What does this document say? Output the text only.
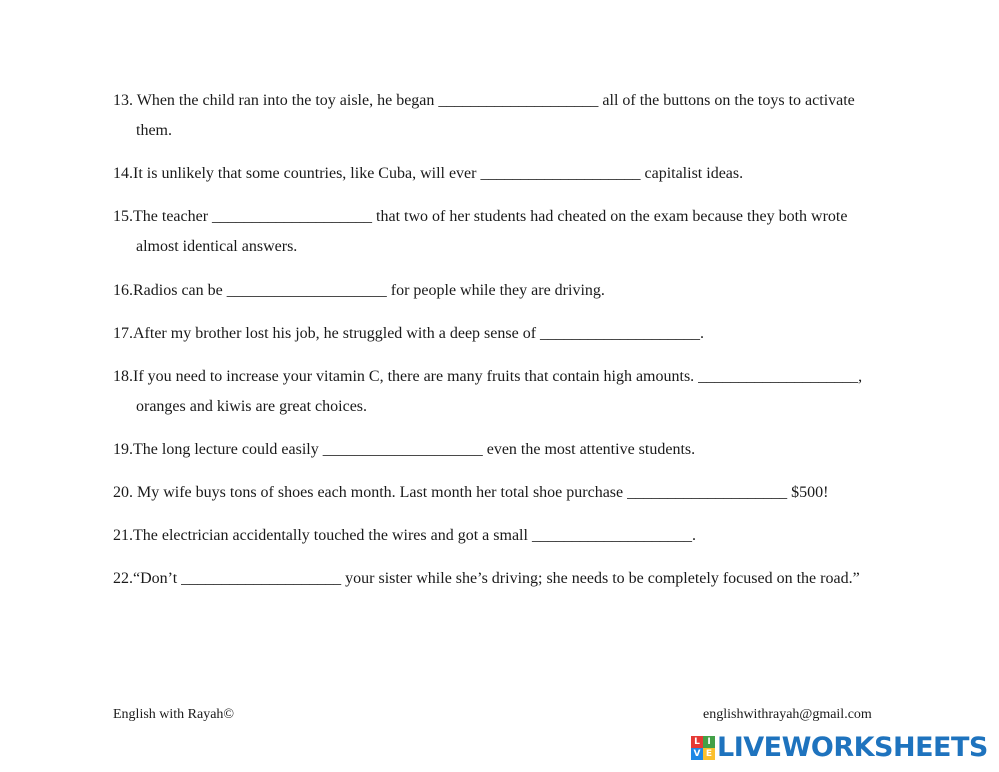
13. When the child ran into the toy aisle, he began ____________________ all of the buttons on the toys to activate
them.
14.It is unlikely that some countries, like Cuba, will ever ____________________ capitalist ideas.
15.The teacher ____________________ that two of her students had cheated on the exam because they both wrote
almost identical answers.
16.Radios can be ____________________ for people while they are driving.
17.After my brother lost his job, he struggled with a deep sense of ____________________.
18.If you need to increase your vitamin C, there are many fruits that contain high amounts. ____________________,
oranges and kiwis are great choices.
19.The long lecture could easily ____________________ even the most attentive students.
20. My wife buys tons of shoes each month. Last month her total shoe purchase ____________________ $500!
21.The electrician accidentally touched the wires and got a small ____________________.
22.“Don’t ____________________ your sister while she’s driving; she needs to be completely focused on the road.”
English with Rayah©	englishwithrayah@gmail.com
L I
V E LIVEWORKSHEETS
